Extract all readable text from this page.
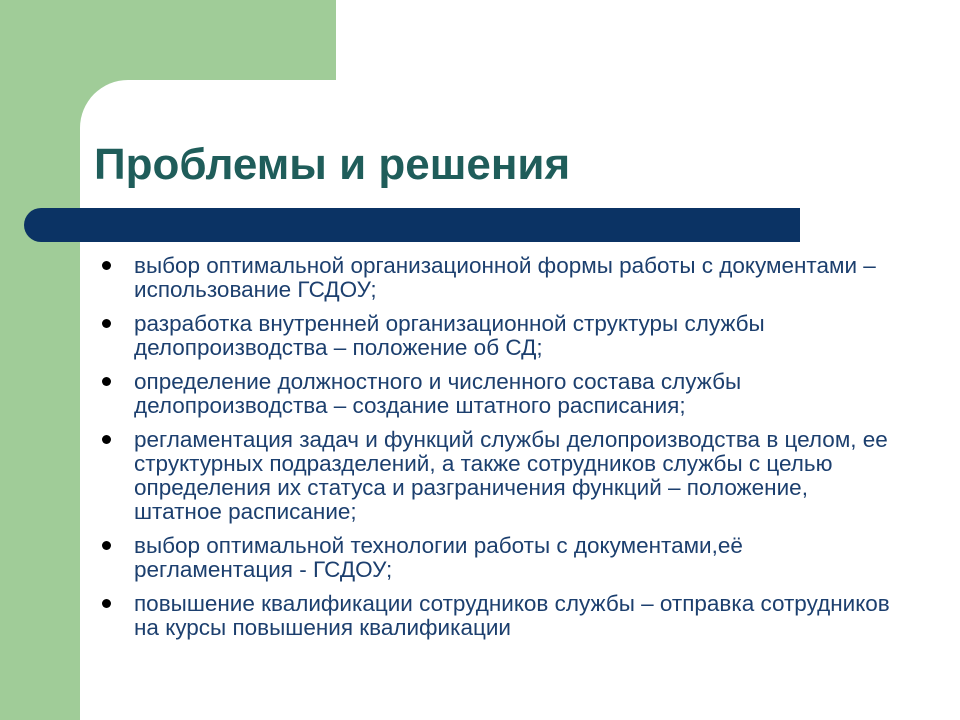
Проблемы и решения
выбор оптимальной организационной формы работы с документами – использование ГСДОУ;
разработка внутренней организационной структуры службы делопроизводства – положение об СД;
определение должностного и численного состава службы делопроизводства – создание штатного расписания;
регламентация задач и функций службы делопроизводства в целом, ее структурных подразделений, а также сотрудников службы с целью определения их статуса и разграничения функций – положение, штатное расписание;
выбор оптимальной технологии работы с документами,её регламентация - ГСДОУ;
повышение квалификации сотрудников службы – отправка сотрудников на курсы повышения квалификации
